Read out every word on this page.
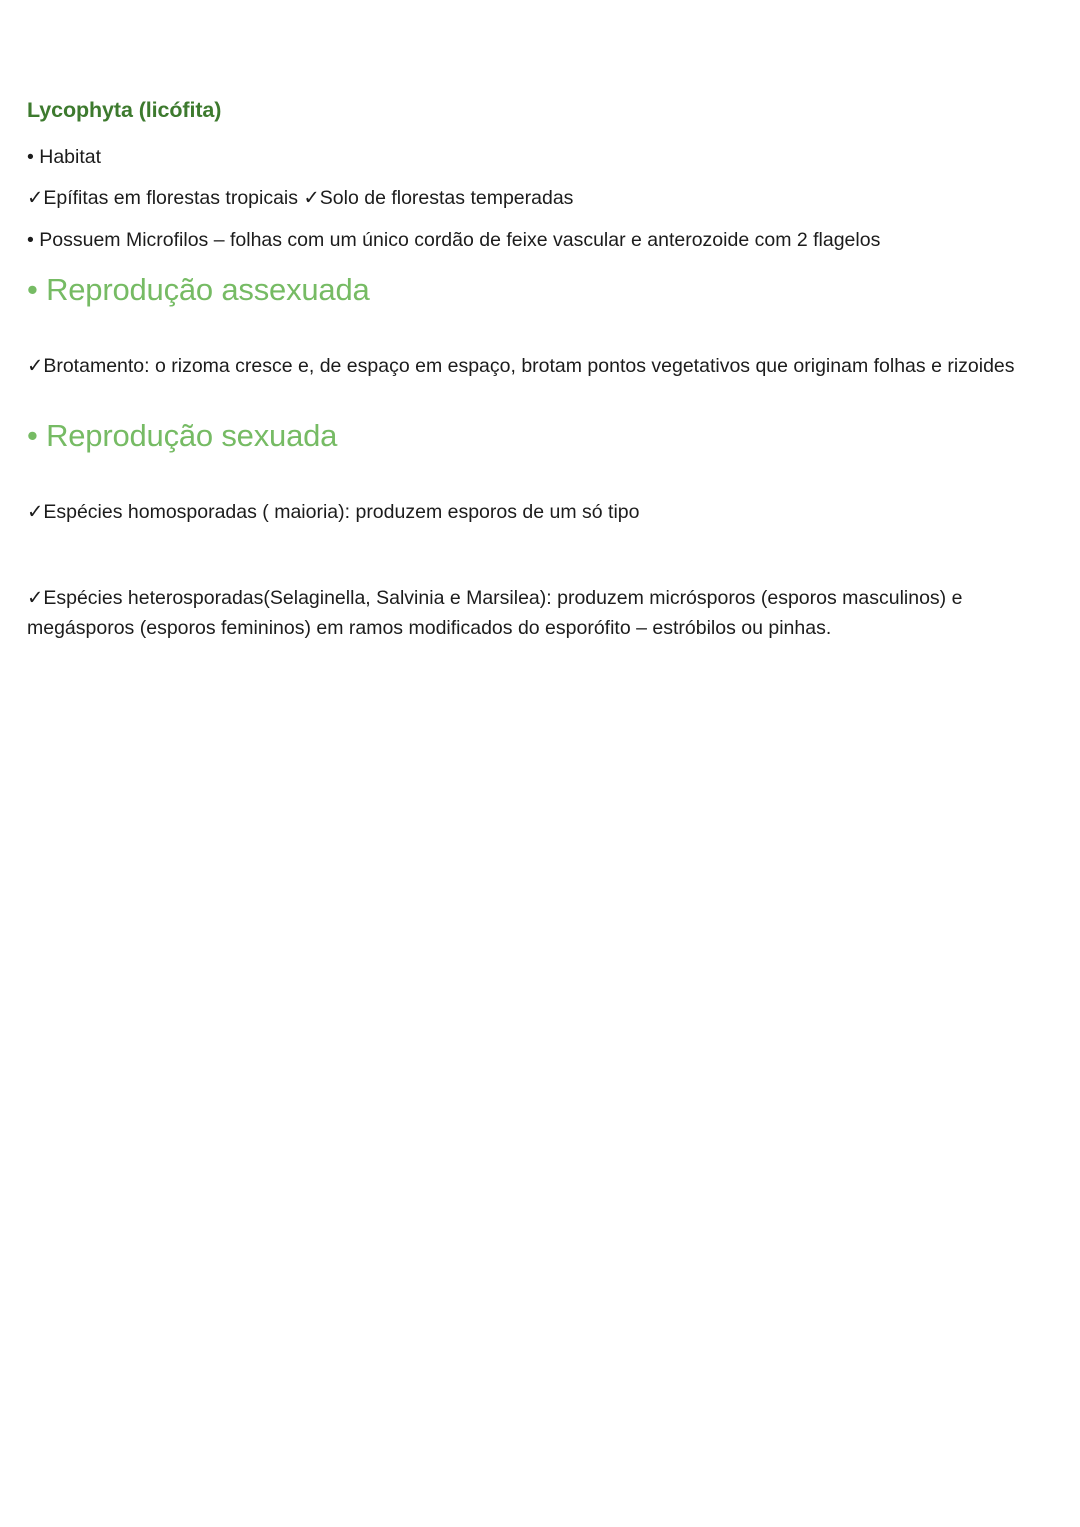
Lycophyta (licófita)

• Habitat

✓Epífitas em florestas tropicais ✓Solo de florestas temperadas

• Possuem Microfilos – folhas com um único cordão de feixe vascular e anterozoide com 2 flagelos

• Reprodução assexuada

✓Brotamento: o rizoma cresce e, de espaço em espaço, brotam pontos vegetativos que originam folhas e rizoides

• Reprodução sexuada

✓Espécies homosporadas ( maioria): produzem esporos de um só tipo

✓Espécies heterosporadas(Selaginella, Salvinia e Marsilea): produzem micrósporos (esporos masculinos) e megásporos (esporos femininos) em ramos modificados do esporófito – estróbilos ou pinhas.
